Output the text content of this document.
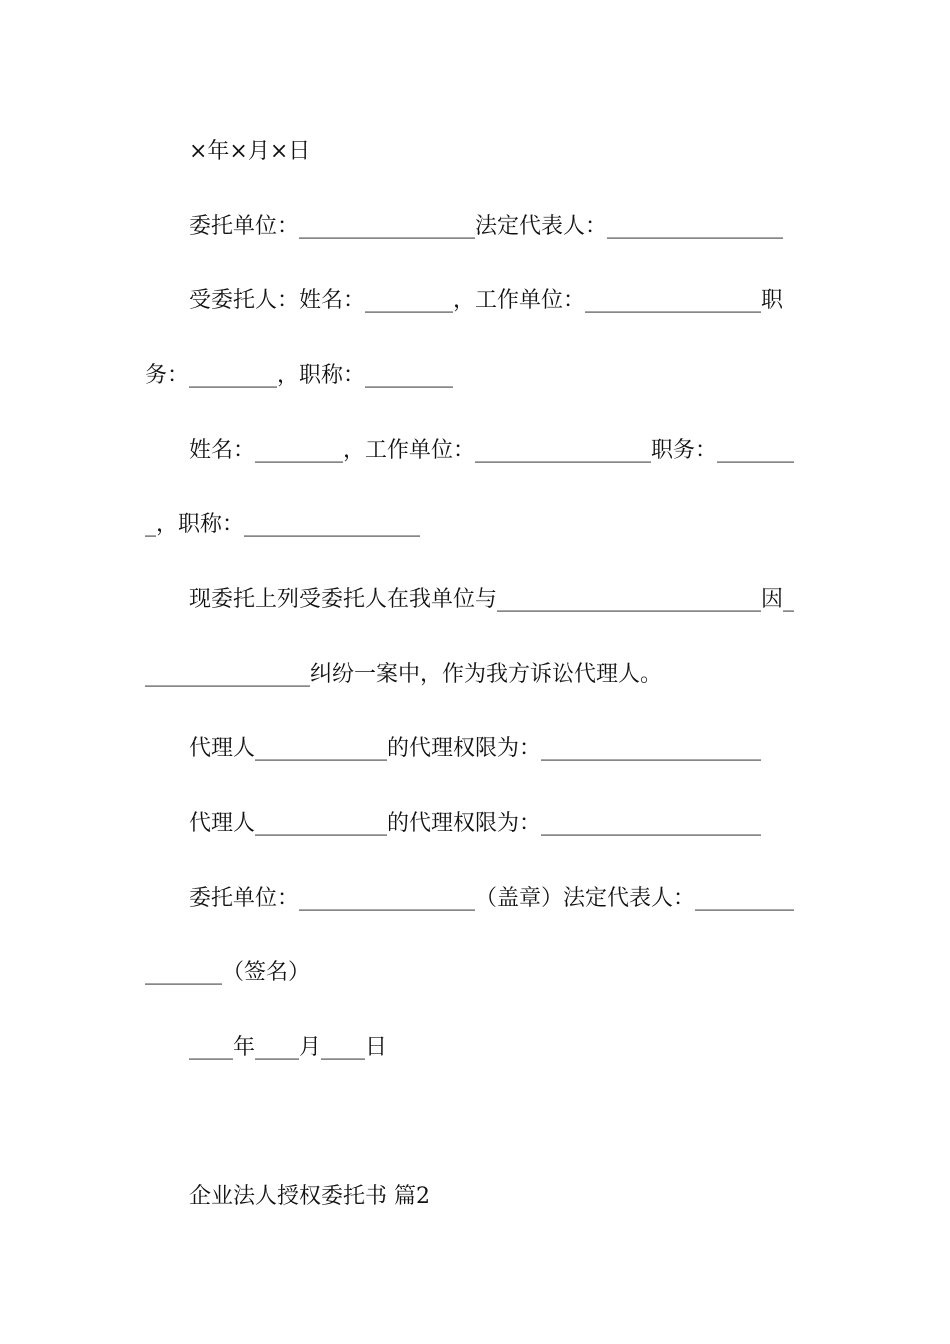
×年×月×日
委托单位：________________法定代表人：________________
受委托人：姓名：________，工作单位：________________职
务：________，职称：________
姓名：________，工作单位：________________职务：_______
_，职称：________________
现委托上列受委托人在我单位与________________________因_
_______________纠纷一案中，作为我方诉讼代理人。
代理人____________的代理权限为：____________________
代理人____________的代理权限为：____________________
委托单位：________________（盖章）法定代表人：_________
_______（签名）
____年____月____日
企业法人授权委托书 篇2
